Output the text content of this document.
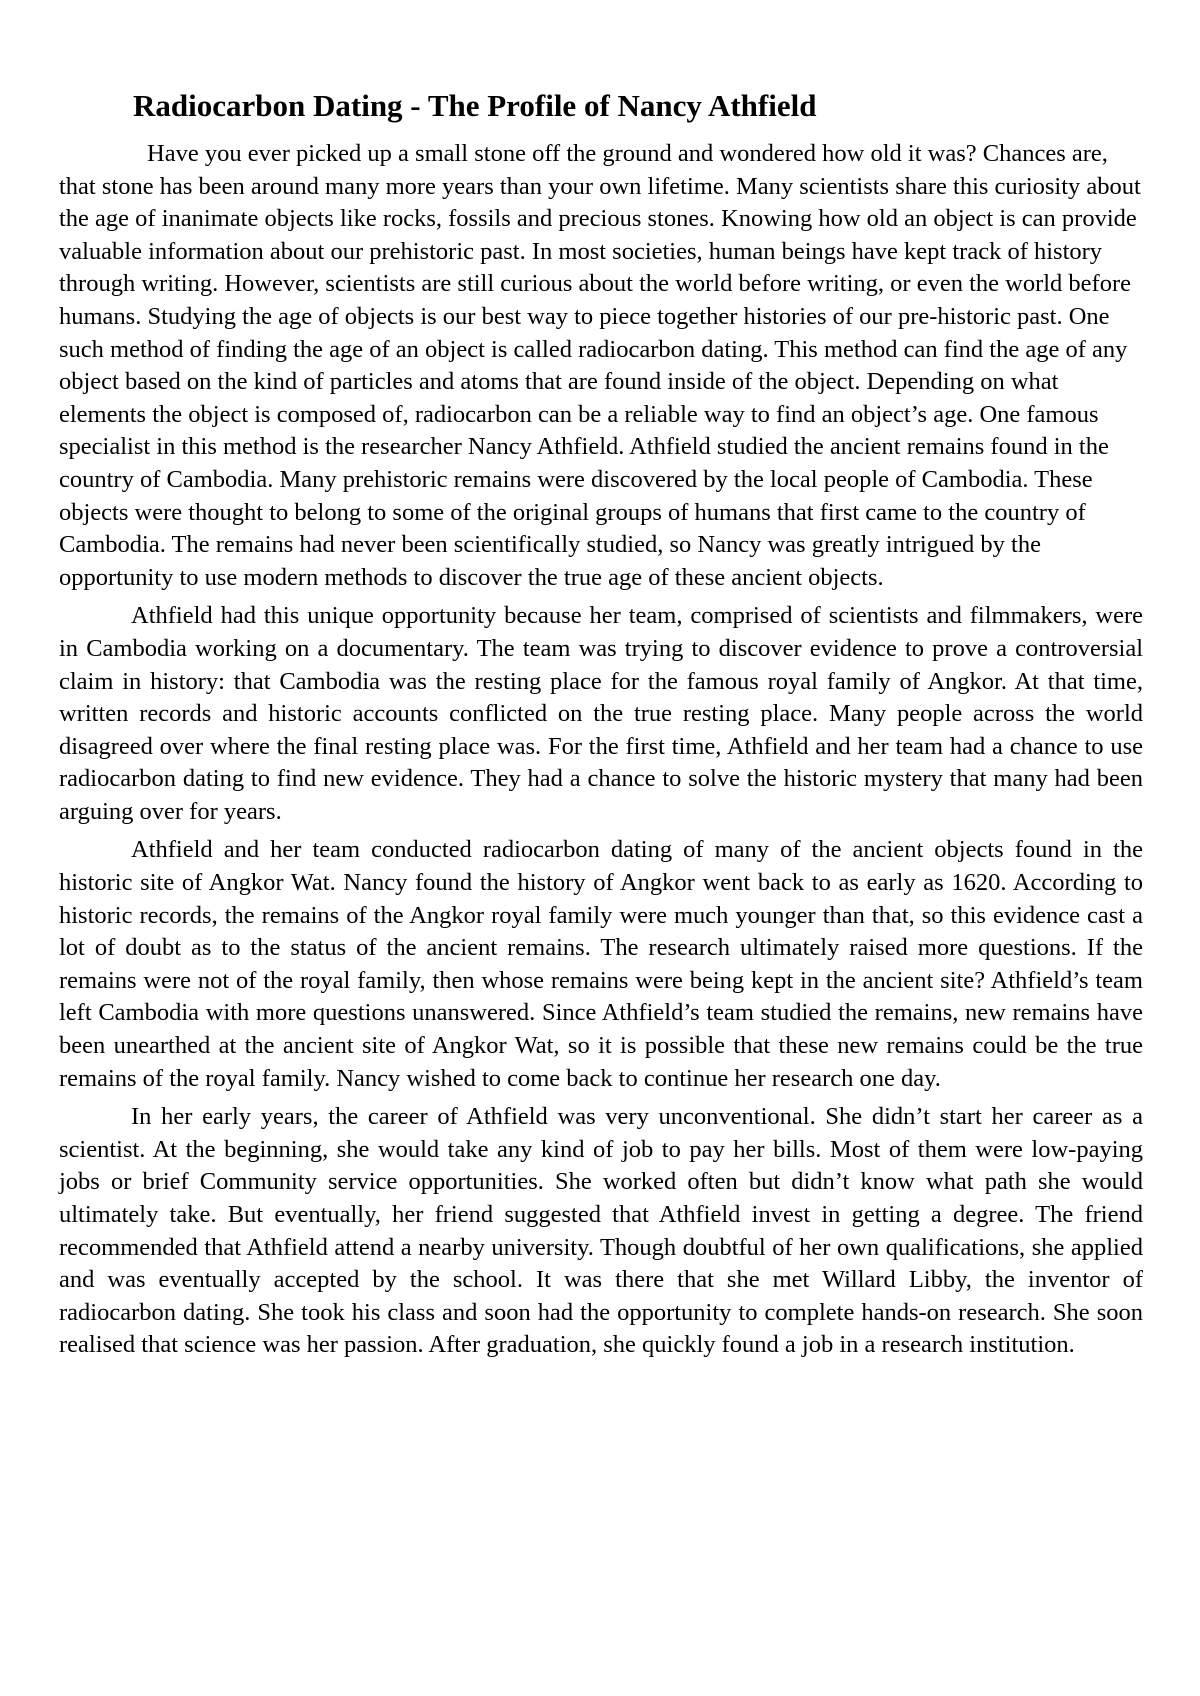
Radiocarbon Dating - The Profile of Nancy Athfield

Have you ever picked up a small stone off the ground and wondered how old it was? Chances are, that stone has been around many more years than your own lifetime. Many scientists share this curiosity about the age of inanimate objects like rocks, fossils and precious stones. Knowing how old an object is can provide valuable information about our prehistoric past. In most societies, human beings have kept track of history through writing. However, scientists are still curious about the world before writing, or even the world before humans. Studying the age of objects is our best way to piece together histories of our pre-historic past. One such method of finding the age of an object is called radiocarbon dating. This method can find the age of any object based on the kind of particles and atoms that are found inside of the object. Depending on what elements the object is composed of, radiocarbon can be a reliable way to find an object’s age. One famous specialist in this method is the researcher Nancy Athfield. Athfield studied the ancient remains found in the country of Cambodia. Many prehistoric remains were discovered by the local people of Cambodia. These objects were thought to belong to some of the original groups of humans that first came to the country of Cambodia. The remains had never been scientifically studied, so Nancy was greatly intrigued by the opportunity to use modern methods to discover the true age of these ancient objects.

Athfield had this unique opportunity because her team, comprised of scientists and filmmakers, were in Cambodia working on a documentary. The team was trying to discover evidence to prove a controversial claim in history: that Cambodia was the resting place for the famous royal family of Angkor. At that time, written records and historic accounts conflicted on the true resting place. Many people across the world disagreed over where the final resting place was. For the first time, Athfield and her team had a chance to use radiocarbon dating to find new evidence. They had a chance to solve the historic mystery that many had been arguing over for years.

Athfield and her team conducted radiocarbon dating of many of the ancient objects found in the historic site of Angkor Wat. Nancy found the history of Angkor went back to as early as 1620. According to historic records, the remains of the Angkor royal family were much younger than that, so this evidence cast a lot of doubt as to the status of the ancient remains. The research ultimately raised more questions. If the remains were not of the royal family, then whose remains were being kept in the ancient site? Athfield’s team left Cambodia with more questions unanswered. Since Athfield’s team studied the remains, new remains have been unearthed at the ancient site of Angkor Wat, so it is possible that these new remains could be the true remains of the royal family. Nancy wished to come back to continue her research one day.

In her early years, the career of Athfield was very unconventional. She didn’t start her career as a scientist. At the beginning, she would take any kind of job to pay her bills. Most of them were low-paying jobs or brief Community service opportunities. She worked often but didn’t know what path she would ultimately take. But eventually, her friend suggested that Athfield invest in getting a degree. The friend recommended that Athfield attend a nearby university. Though doubtful of her own qualifications, she applied and was eventually accepted by the school. It was there that she met Willard Libby, the inventor of radiocarbon dating. She took his class and soon had the opportunity to complete hands-on research. She soon realised that science was her passion. After graduation, she quickly found a job in a research institution.
